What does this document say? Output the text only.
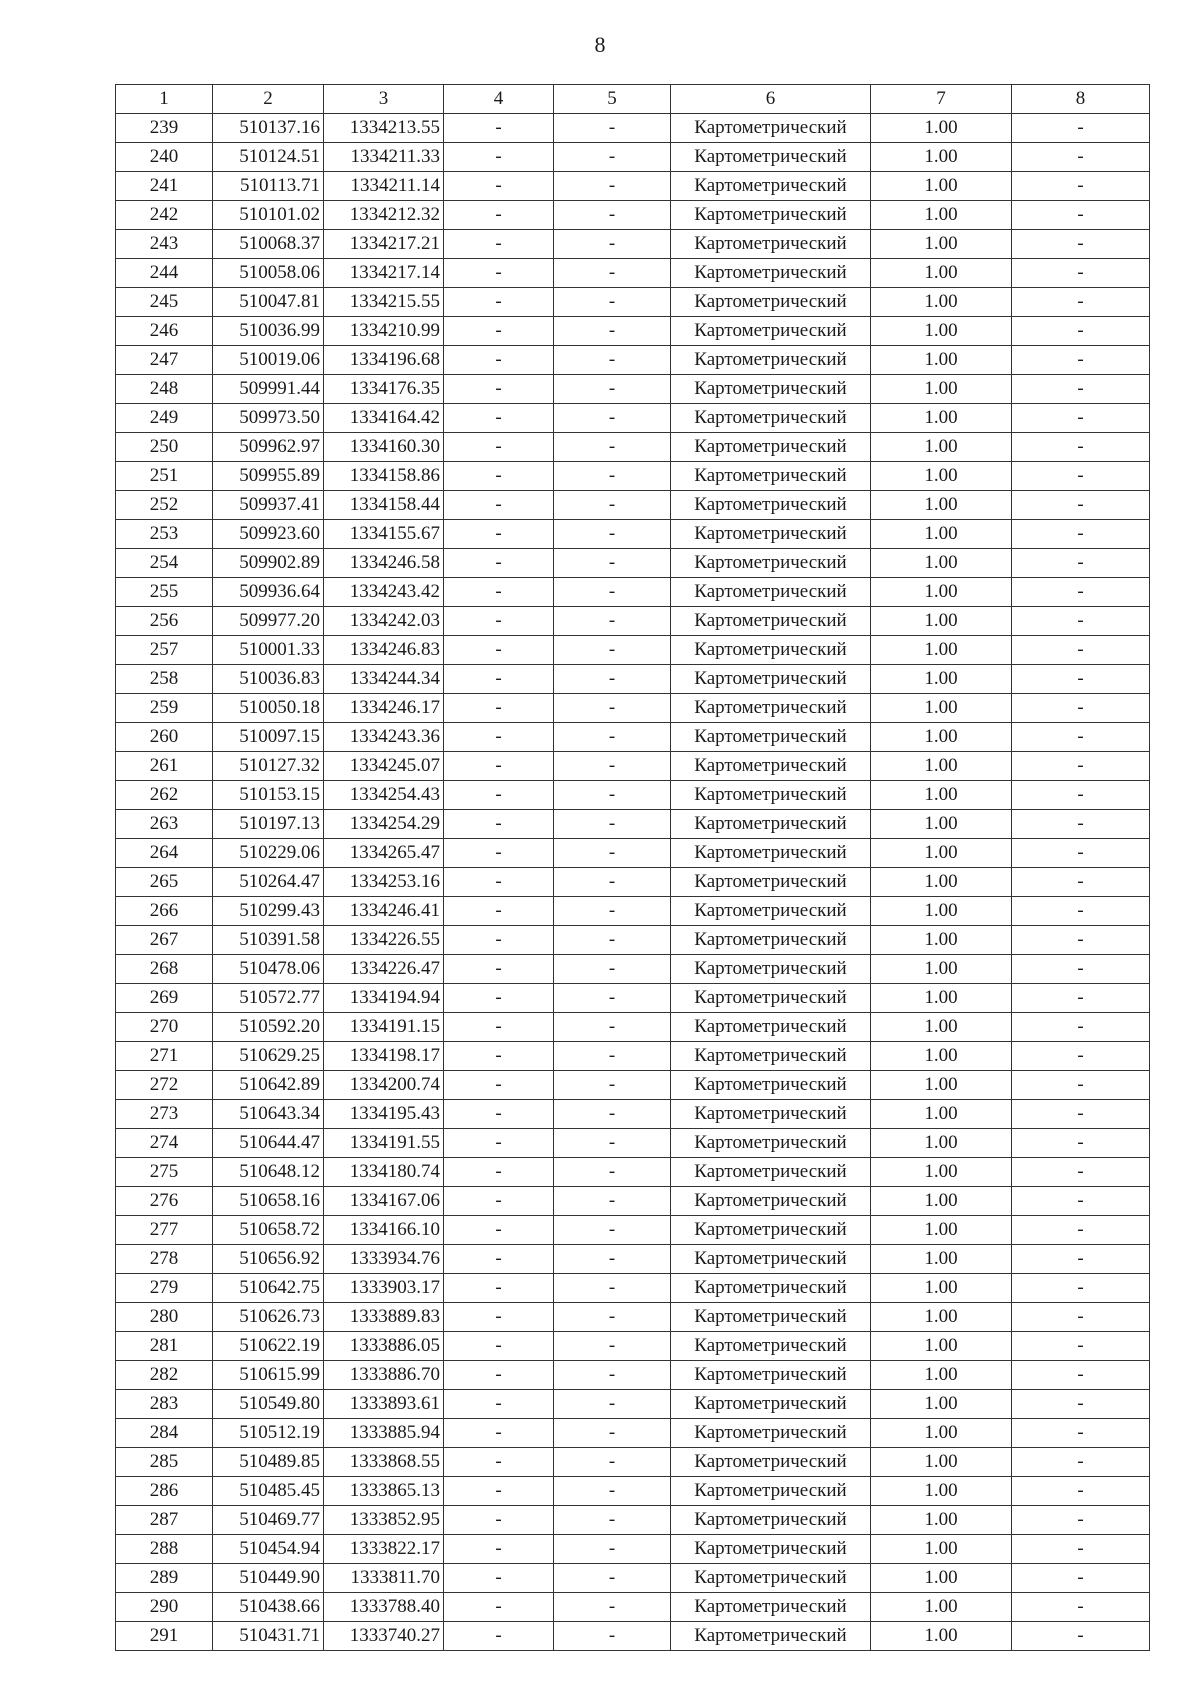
8
1	2	3	4	5	6	7	8
239	510137.16	1334213.55	-	-	Картометрический	1.00	-
240	510124.51	1334211.33	-	-	Картометрический	1.00	-
241	510113.71	1334211.14	-	-	Картометрический	1.00	-
242	510101.02	1334212.32	-	-	Картометрический	1.00	-
243	510068.37	1334217.21	-	-	Картометрический	1.00	-
244	510058.06	1334217.14	-	-	Картометрический	1.00	-
245	510047.81	1334215.55	-	-	Картометрический	1.00	-
246	510036.99	1334210.99	-	-	Картометрический	1.00	-
247	510019.06	1334196.68	-	-	Картометрический	1.00	-
248	509991.44	1334176.35	-	-	Картометрический	1.00	-
249	509973.50	1334164.42	-	-	Картометрический	1.00	-
250	509962.97	1334160.30	-	-	Картометрический	1.00	-
251	509955.89	1334158.86	-	-	Картометрический	1.00	-
252	509937.41	1334158.44	-	-	Картометрический	1.00	-
253	509923.60	1334155.67	-	-	Картометрический	1.00	-
254	509902.89	1334246.58	-	-	Картометрический	1.00	-
255	509936.64	1334243.42	-	-	Картометрический	1.00	-
256	509977.20	1334242.03	-	-	Картометрический	1.00	-
257	510001.33	1334246.83	-	-	Картометрический	1.00	-
258	510036.83	1334244.34	-	-	Картометрический	1.00	-
259	510050.18	1334246.17	-	-	Картометрический	1.00	-
260	510097.15	1334243.36	-	-	Картометрический	1.00	-
261	510127.32	1334245.07	-	-	Картометрический	1.00	-
262	510153.15	1334254.43	-	-	Картометрический	1.00	-
263	510197.13	1334254.29	-	-	Картометрический	1.00	-
264	510229.06	1334265.47	-	-	Картометрический	1.00	-
265	510264.47	1334253.16	-	-	Картометрический	1.00	-
266	510299.43	1334246.41	-	-	Картометрический	1.00	-
267	510391.58	1334226.55	-	-	Картометрический	1.00	-
268	510478.06	1334226.47	-	-	Картометрический	1.00	-
269	510572.77	1334194.94	-	-	Картометрический	1.00	-
270	510592.20	1334191.15	-	-	Картометрический	1.00	-
271	510629.25	1334198.17	-	-	Картометрический	1.00	-
272	510642.89	1334200.74	-	-	Картометрический	1.00	-
273	510643.34	1334195.43	-	-	Картометрический	1.00	-
274	510644.47	1334191.55	-	-	Картометрический	1.00	-
275	510648.12	1334180.74	-	-	Картометрический	1.00	-
276	510658.16	1334167.06	-	-	Картометрический	1.00	-
277	510658.72	1334166.10	-	-	Картометрический	1.00	-
278	510656.92	1333934.76	-	-	Картометрический	1.00	-
279	510642.75	1333903.17	-	-	Картометрический	1.00	-
280	510626.73	1333889.83	-	-	Картометрический	1.00	-
281	510622.19	1333886.05	-	-	Картометрический	1.00	-
282	510615.99	1333886.70	-	-	Картометрический	1.00	-
283	510549.80	1333893.61	-	-	Картометрический	1.00	-
284	510512.19	1333885.94	-	-	Картометрический	1.00	-
285	510489.85	1333868.55	-	-	Картометрический	1.00	-
286	510485.45	1333865.13	-	-	Картометрический	1.00	-
287	510469.77	1333852.95	-	-	Картометрический	1.00	-
288	510454.94	1333822.17	-	-	Картометрический	1.00	-
289	510449.90	1333811.70	-	-	Картометрический	1.00	-
290	510438.66	1333788.40	-	-	Картометрический	1.00	-
291	510431.71	1333740.27	-	-	Картометрический	1.00	-
